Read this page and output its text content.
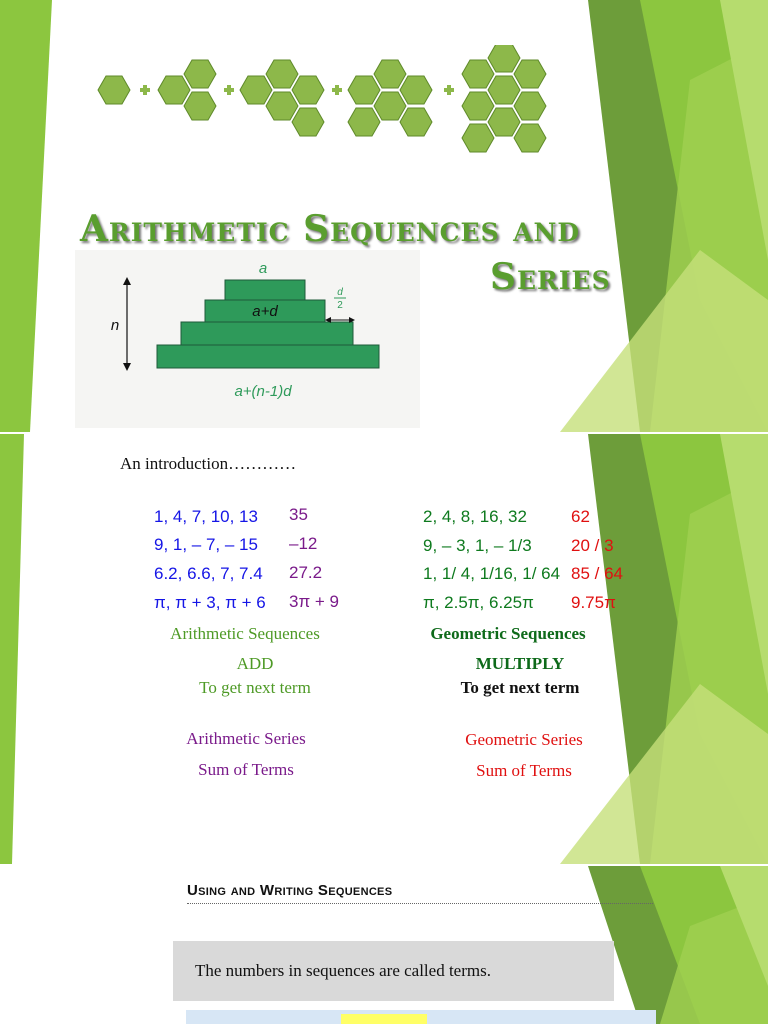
Arithmetic Sequences and
Series
a
a+d
d
2
n
a+(n-1)d
An introduction…………
1, 4, 7, 10, 13 35
9, 1, – 7, – 15 –12
6.2, 6.6, 7, 7.4 27.2
π, π + 3, π + 6 3π + 9
2, 4, 8, 16, 32	62
9, – 3, 1, – 1/3 20 / 3
1, 1/ 4, 1/16, 1/ 64 85 / 64
π, 2.5π, 6.25π 9.75π
Arithmetic Sequences
ADD
To get next term
Geometric Sequences
MULTIPLY
To get next term
Arithmetic Series
Sum of Terms
Geometric Series
Sum of Terms
Using and Writing Sequences
The numbers in sequences are called terms.
